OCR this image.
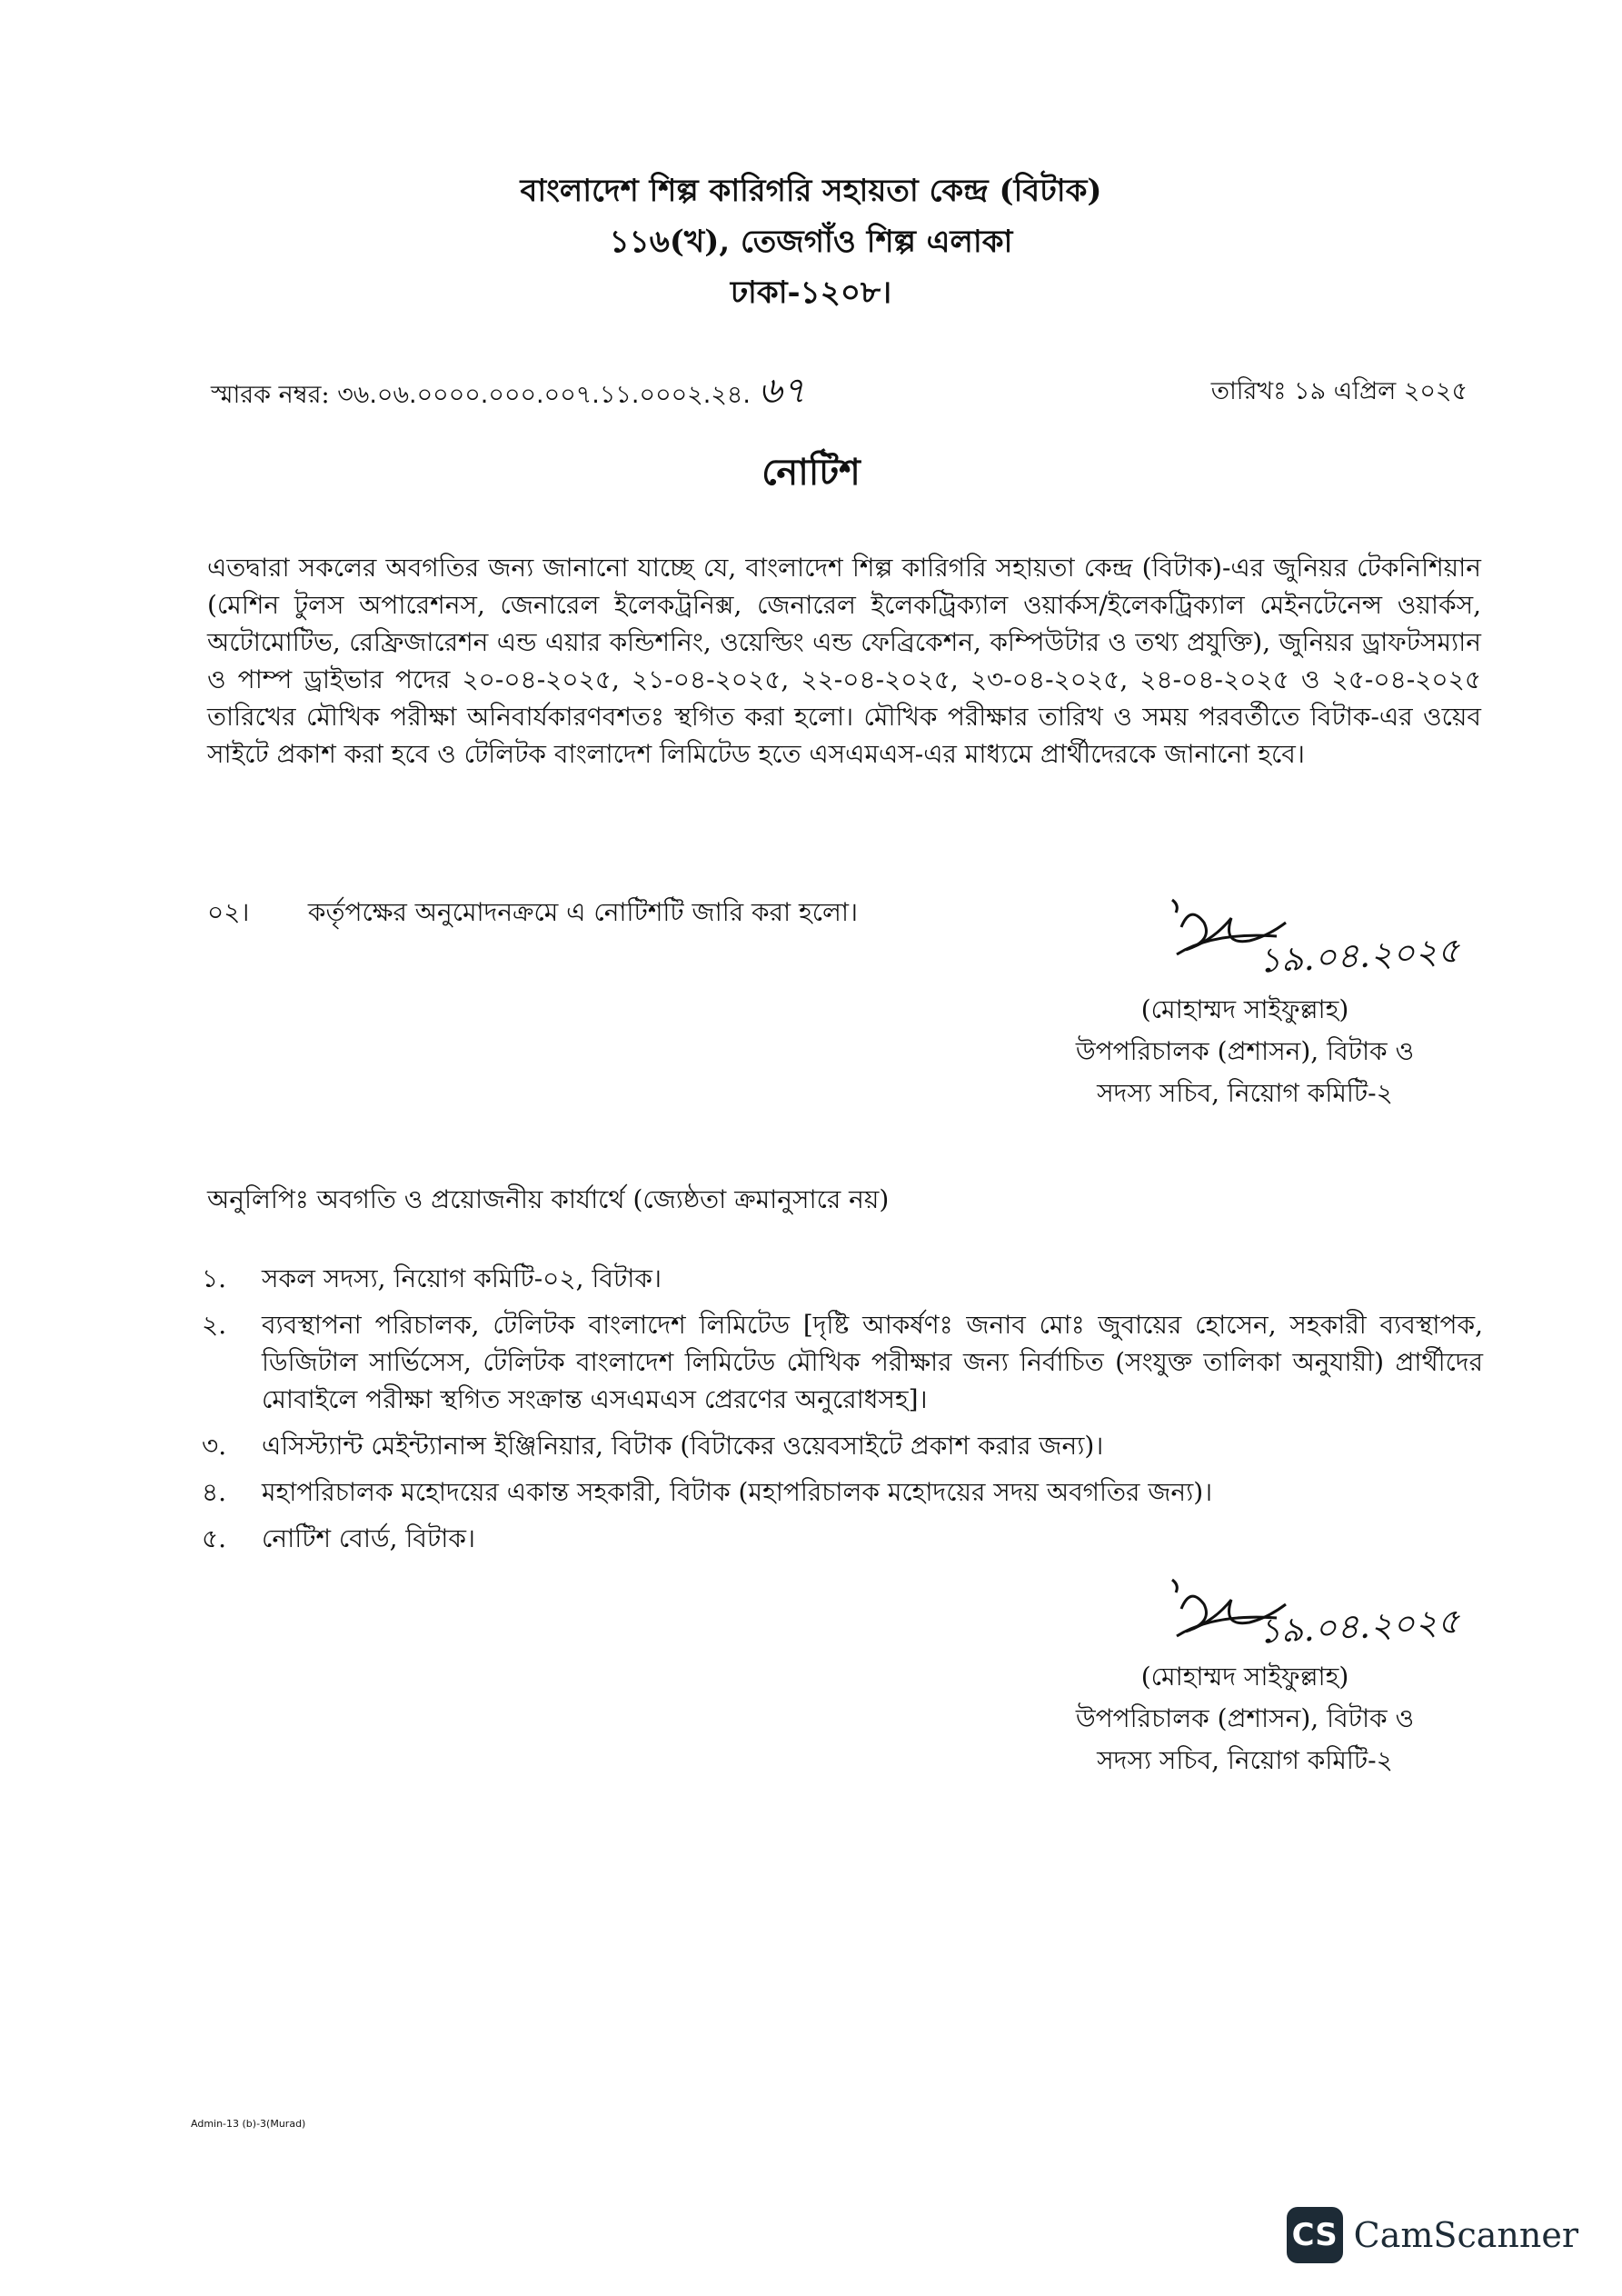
বাংলাদেশ শিল্প কারিগরি সহায়তা কেন্দ্র (বিটাক)
১১৬(খ), তেজগাঁও শিল্প এলাকা
ঢাকা-১২০৮।
স্মারক নম্বর: ৩৬.০৬.০০০০.০০০.০০৭.১১.০০০২.২৪. ৬৭	তারিখঃ ১৯ এপ্রিল ২০২৫
নোটিশ
এতদ্বারা সকলের অবগতির জন্য জানানো যাচ্ছে যে, বাংলাদেশ শিল্প কারিগরি সহায়তা কেন্দ্র (বিটাক)-এর জুনিয়র টেকনিশিয়ান (মেশিন টুলস অপারেশনস, জেনারেল ইলেকট্রনিক্স, জেনারেল ইলেকট্রিক্যাল ওয়ার্কস/ইলেকট্রিক্যাল মেইনটেনেন্স ওয়ার্কস, অটোমোটিভ, রেফ্রিজারেশন এন্ড এয়ার কন্ডিশনিং, ওয়েল্ডিং এন্ড ফেব্রিকেশন, কম্পিউটার ও তথ্য প্রযুক্তি), জুনিয়র ড্রাফটসম্যান ও পাম্প ড্রাইভার পদের ২০-০৪-২০২৫, ২১-০৪-২০২৫, ২২-০৪-২০২৫, ২৩-০৪-২০২৫, ২৪-০৪-২০২৫ ও ২৫-০৪-২০২৫ তারিখের মৌখিক পরীক্ষা অনিবার্যকারণবশতঃ স্থগিত করা হলো। মৌখিক পরীক্ষার তারিখ ও সময় পরবর্তীতে বিটাক-এর ওয়েব সাইটে প্রকাশ করা হবে ও টেলিটক বাংলাদেশ লিমিটেড হতে এসএমএস-এর মাধ্যমে প্রার্থীদেরকে জানানো হবে।
০২। কর্তৃপক্ষের অনুমোদনক্রমে এ নোটিশটি জারি করা হলো।
১৯.০৪.২০২৫
(মোহাম্মদ সাইফুল্লাহ)
উপপরিচালক (প্রশাসন), বিটাক ও
সদস্য সচিব, নিয়োগ কমিটি-২
অনুলিপিঃ অবগতি ও প্রয়োজনীয় কার্যার্থে (জ্যেষ্ঠতা ক্রমানুসারে নয়)
১.	সকল সদস্য, নিয়োগ কমিটি-০২, বিটাক।
২.	ব্যবস্থাপনা পরিচালক, টেলিটক বাংলাদেশ লিমিটেড [দৃষ্টি আকর্ষণঃ জনাব মোঃ জুবায়ের হোসেন, সহকারী ব্যবস্থাপক, ডিজিটাল সার্ভিসেস, টেলিটক বাংলাদেশ লিমিটেড মৌখিক পরীক্ষার জন্য নির্বাচিত (সংযুক্ত তালিকা অনুযায়ী) প্রার্থীদের মোবাইলে পরীক্ষা স্থগিত সংক্রান্ত এসএমএস প্রেরণের অনুরোধসহ]।
৩.	এসিস্ট্যান্ট মেইন্ট্যানান্স ইঞ্জিনিয়ার, বিটাক (বিটাকের ওয়েবসাইটে প্রকাশ করার জন্য)।
৪.	মহাপরিচালক মহোদয়ের একান্ত সহকারী, বিটাক (মহাপরিচালক মহোদয়ের সদয় অবগতির জন্য)।
৫.	নোটিশ বোর্ড, বিটাক।
১৯.০৪.২০২৫
(মোহাম্মদ সাইফুল্লাহ)
উপপরিচালক (প্রশাসন), বিটাক ও
সদস্য সচিব, নিয়োগ কমিটি-২
Admin-13 (b)-3(Murad)
CS CamScanner
